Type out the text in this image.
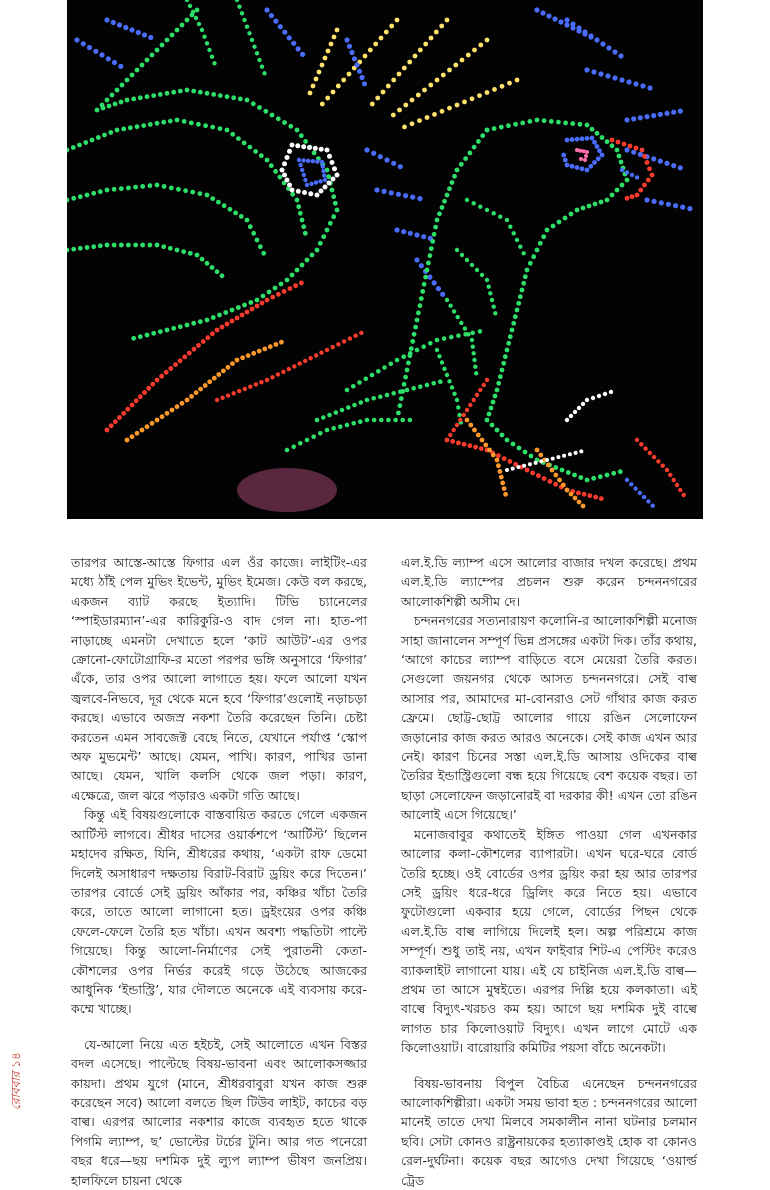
তারপর আস্তে-আস্তে ফিগার এল ওঁর কাজে। লাইটিং-এর মধ্যে ঠাঁই পেল মুভিং ইভেন্ট, মুভিং ইমেজ। কেউ বল করছে, একজন ব্যাট করছে ইত্যাদি। টিভি চ্যানেলের ‘স্পাইডারম্যান’-এর কারিকুরি-ও বাদ গেল না। হাত-পা নাড়াচ্ছে এমনটা দেখাতে হলে ‘কাট আউট’-এর ওপর ক্রোনো-ফোটোগ্রাফি-র মতো পরপর ভঙ্গি অনুসারে ‘ফিগার’ এঁকে, তার ওপর আলো লাগাতে হয়। ফলে আলো যখন জ্বলবে-নিভবে, দূর থেকে মনে হবে ‘ফিগার’গুলোই নড়াচড়া করছে। এভাবে অজস্র নকশা তৈরি করেছেন তিনি। চেষ্টা করতেন এমন সাবজেক্ট বেছে নিতে, যেখানে পর্যাপ্ত ‘স্কোপ অফ মুভমেন্ট’ আছে। যেমন, পাখি। কারণ, পাখির ডানা আছে। যেমন, খালি কলসি থেকে জল পড়া। কারণ, এক্ষেত্রে, জল ঝরে পড়ারও একটা গতি আছে।

কিন্তু এই বিষয়গুলোকে বাস্তবায়িত করতে গেলে একজন আর্টিস্ট লাগবে। শ্রীধর দাসের ওয়ার্কশপে ‘আর্টিস্ট’ ছিলেন মহাদেব রক্ষিত, যিনি, শ্রীধরের কথায়, ‘একটা রাফ ডেমো দিলেই অসাধারণ দক্ষতায় বিরাট-বিরাট ড্রয়িং করে দিতেন।’ তারপর বোর্ডে সেই ড্রয়িং আঁকার পর, কঞ্চির খাঁচা তৈরি করে, তাতে আলো লাগানো হত। ড্রইংয়ের ওপর কঞ্চি ফেলে-ফেলে তৈরি হত খাঁচা। এখন অবশ্য পদ্ধতিটা পাল্টে গিয়েছে। কিন্তু আলো-নির্মাণের সেই পুরাতনী কেতা-কৌশলের ওপর নির্ভর করেই গড়ে উঠেছে আজকের আধুনিক ‘ইন্ডাস্ট্রি’, যার দৌলতে অনেকে এই ব্যবসায় করে-কম্মে খাচ্ছে।

যে-আলো নিয়ে এত হইচই, সেই আলোতে এখন বিস্তর বদল এসেছে। পাল্টেছে বিষয়-ভাবনা এবং আলোকসজ্জার কায়দা। প্রথম যুগে (মানে, শ্রীধরবাবুরা যখন কাজ শুরু করেছেন সবে) আলো বলতে ছিল টিউব লাইট, কাচের বড় বাল্ব। এরপর আলোর নকশার কাজে ব্যবহৃত হতে থাকে পিগমি ল্যাম্প, ছ’ ভোল্টের টর্চের টুনি। আর গত পনেরো বছর ধরে—ছয় দশমিক দুই ল্যুপ ল্যাম্প ভীষণ জনপ্রিয়। হালফিলে চায়না থেকে

এল.ই.ডি ল্যাম্প এসে আলোর বাজার দখল করেছে। প্রথম এল.ই.ডি ল্যাম্পের প্রচলন শুরু করেন চন্দননগরের আলোকশিল্পী অসীম দে।

চন্দননগরের সত্যনারায়ণ কলোনি-র আলোকশিল্পী মনোজ সাহা জানালেন সম্পূর্ণ ভিন্ন প্রসঙ্গের একটা দিক। তাঁর কথায়, ‘আগে কাচের ল্যাম্প বাড়িতে বসে মেয়েরা তৈরি করত। সেগুলো জয়নগর থেকে আসত চন্দননগরে। সেই বাল্ব আসার পর, আমাদের মা-বোনরাও সেট গাঁথার কাজ করত ফ্রেমে। ছোট্ট-ছোট্ট আলোর গায়ে রঙিন সেলোফেন জড়ানোর কাজ করত আরও অনেকে। সেই কাজ এখন আর নেই। কারণ চিনের সস্তা এল.ই.ডি আসায় ওদিকের বাল্ব তৈরির ইন্ডাস্ট্রিগুলো বন্ধ হয়ে গিয়েছে বেশ কয়েক বছর। তা ছাড়া সেলোফেন জড়ানোরই বা দরকার কী! এখন তো রঙিন আলোই এসে গিয়েছে।’

মনোজবাবুর কথাতেই ইঙ্গিত পাওয়া গেল এখনকার আলোর কলা-কৌশলের ব্যাপারটা। এখন ঘরে-ঘরে বোর্ড তৈরি হচ্ছে। ওই বোর্ডের ওপর ড্রয়িং করা হয় আর তারপর সেই ড্রয়িং ধরে-ধরে ড্রিলিং করে নিতে হয়। এভাবে ফুটোগুলো একবার হয়ে গেলে, বোর্ডের পিছন থেকে এল.ই.ডি বাল্ব লাগিয়ে দিলেই হল। অল্প পরিশ্রমে কাজ সম্পূর্ণ। শুধু তাই নয়, এখন ফাইবার শিট-এ পেস্টিং করেও ব্যাকলাইট লাগানো যায়। এই যে চাইনিজ এল.ই.ডি বাল্ব—প্রথম তা আসে মুম্বইতে। এরপর দিল্লি হয়ে কলকাতা। এই বাল্বে বিদ্যুৎ-খরচও কম হয়। আগে ছয় দশমিক দুই বাল্বে লাগত চার কিলোওয়াট বিদ্যুৎ। এখন লাগে মোটে এক কিলোওয়াট। বারোয়ারি কমিটির পয়সা বাঁচে অনেকটা।

বিষয়-ভাবনায় বিপুল বৈচিত্র এনেছেন চন্দননগরের আলোকশিল্পীরা। একটা সময় ভাবা হত : চন্দননগরের আলো মানেই তাতে দেখা মিলবে সমকালীন নানা ঘটনার চলমান ছবি। সেটা কোনও রাষ্ট্রনায়কের হত্যাকাণ্ডই হোক বা কোনও রেল-দুর্ঘটনা। কয়েক বছর আগেও দেখা গিয়েছে ‘ওয়ার্ল্ড ট্রেড

রোববার ১৪
